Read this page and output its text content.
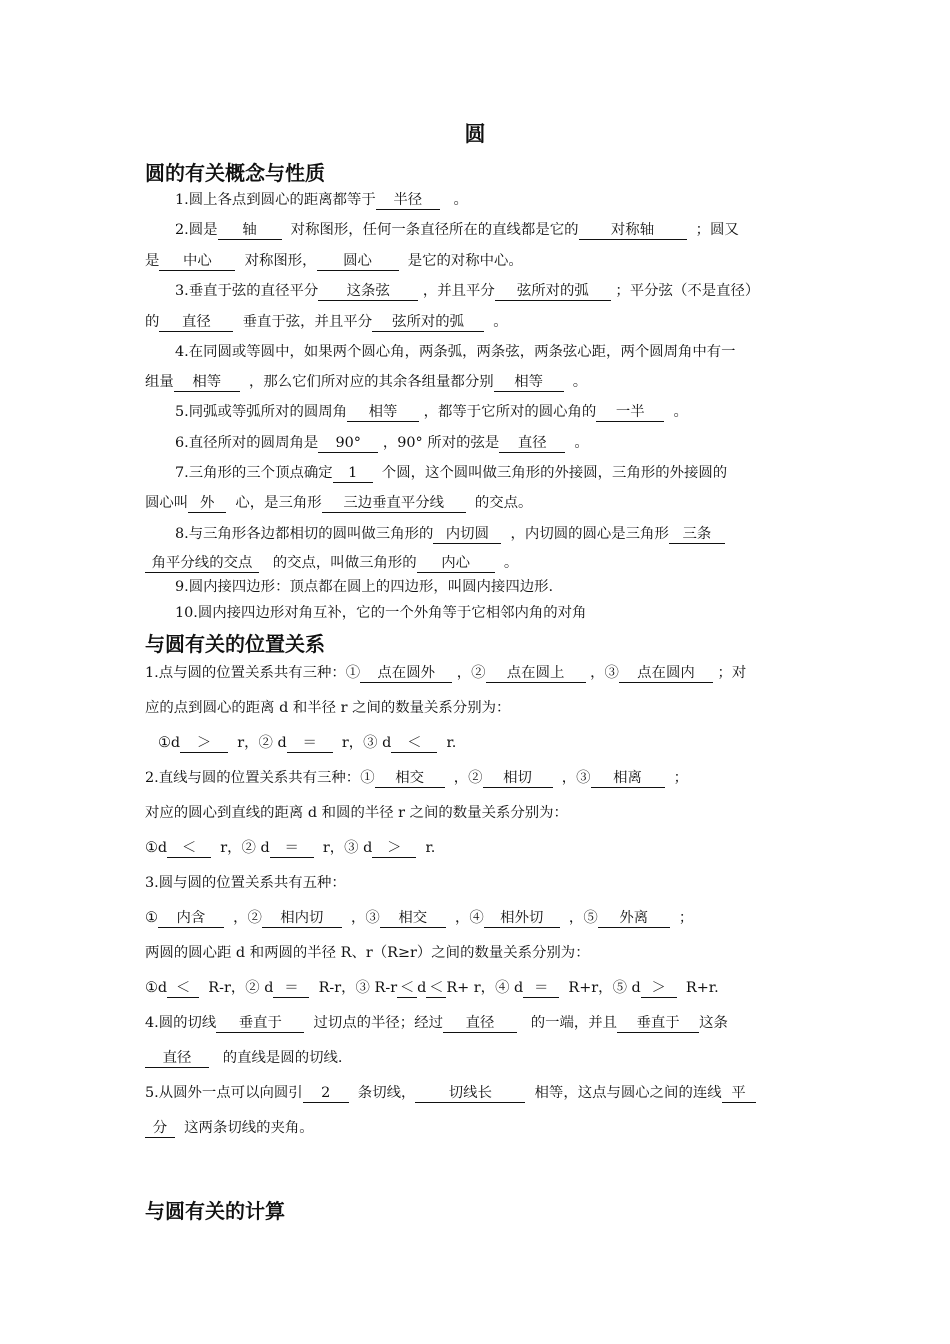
圆
圆的有关概念与性质
1.圆上各点到圆心的距离都等于 半径 。
2.圆是 轴 对称图形，任何一条直径所在的直线都是它的 对称轴	；圆又
是 中心 对称图形， 圆心 是它的对称中心。
3.垂直于弦的直径平分 这条弦 ，并且平分 弦所对的弧 ；平分弦（不是直径）
的 直径 垂直于弦，并且平分 弦所对的弧 。
4.在同圆或等圆中，如果两个圆心角，两条弧，两条弦，两条弦心距，两个圆周角中有一
组量 相等 ，那么它们所对应的其余各组量都分别 相等 。
5.同弧或等弧所对的圆周角 相等 ，都等于它所对的圆心角的 一半 。
6.直径所对的圆周角是 90° ，90° 所对的弦是 直径 。
7.三角形的三个顶点确定 1 个圆，这个圆叫做三角形的外接圆，三角形的外接圆的
圆心叫 外 心，是三角形 三边垂直平分线 的交点。
8.与三角形各边都相切的圆叫做三角形的 内切圆 ，内切圆的圆心是三角形 三条
角平分线的交点 的交点，叫做三角形的 内心 。
9.圆内接四边形：顶点都在圆上的四边形，叫圆内接四边形.
10.圆内接四边形对角互补，它的一个外角等于它相邻内角的对角
与圆有关的位置关系
1.点与圆的位置关系共有三种：① 点在圆外 ，② 点在圆上 ，③ 点在圆内 ；对
应的点到圆心的距离 d 和半径 r 之间的数量关系分别为：
①d ＞ r，② d ＝ r，③ d ＜ r.
2.直线与圆的位置关系共有三种：① 相交 ，② 相切 ，③ 相离 ；
对应的圆心到直线的距离 d 和圆的半径 r 之间的数量关系分别为：
①d ＜ r，② d ＝ r，③ d ＞ r.
3.圆与圆的位置关系共有五种：
① 内含 ，② 相内切 ，③ 相交 ，④ 相外切 ，⑤ 外离 ；
两圆的圆心距 d 和两圆的半径 R、r（R≥r）之间的数量关系分别为：
①d ＜ R-r，② d ＝ R-r，③ R-r ＜ d ＜ R+ r，④ d ＝ R+r，⑤ d ＞ R+r.
4.圆的切线 垂直于 过切点的半径；经过 直径	的一端，并且 垂直于 这条
直径 的直线是圆的切线.
5.从圆外一点可以向圆引 2 条切线， 切线长	相等，这点与圆心之间的连线 平
分 这两条切线的夹角。
与圆有关的计算
